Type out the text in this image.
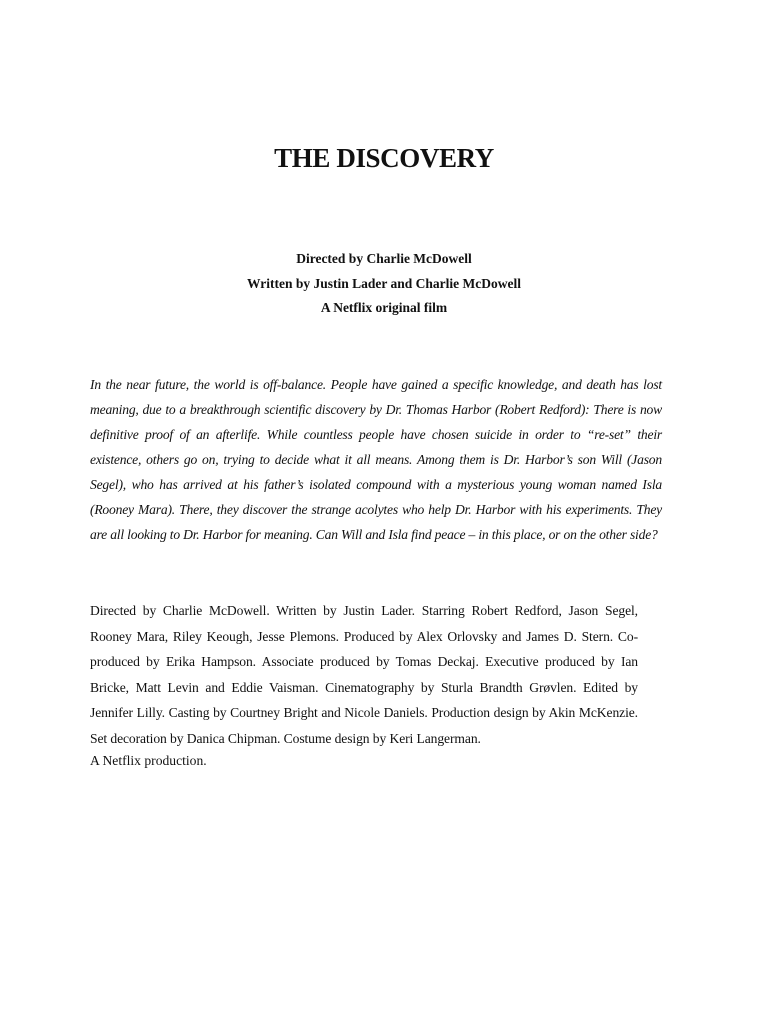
THE DISCOVERY
Directed by Charlie McDowell
Written by Justin Lader and Charlie McDowell
A Netflix original film

In the near future, the world is off-balance. People have gained a specific knowledge, and death has lost meaning, due to a breakthrough scientific discovery by Dr. Thomas Harbor (Robert Redford): There is now definitive proof of an afterlife. While countless people have chosen suicide in order to “re-set” their existence, others go on, trying to decide what it all means. Among them is Dr. Harbor’s son Will (Jason Segel), who has arrived at his father’s isolated compound with a mysterious young woman named Isla (Rooney Mara). There, they discover the strange acolytes who help Dr. Harbor with his experiments. They are all looking to Dr. Harbor for meaning. Can Will and Isla find peace – in this place, or on the other side?

Directed by Charlie McDowell. Written by Justin Lader. Starring Robert Redford, Jason Segel, Rooney Mara, Riley Keough, Jesse Plemons. Produced by Alex Orlovsky and James D. Stern. Co-produced by Erika Hampson. Associate produced by Tomas Deckaj. Executive produced by Ian Bricke, Matt Levin and Eddie Vaisman. Cinematography by Sturla Brandth Grøvlen. Edited by Jennifer Lilly. Casting by Courtney Bright and Nicole Daniels. Production design by Akin McKenzie. Set decoration by Danica Chipman. Costume design by Keri Langerman.

A Netflix production.
